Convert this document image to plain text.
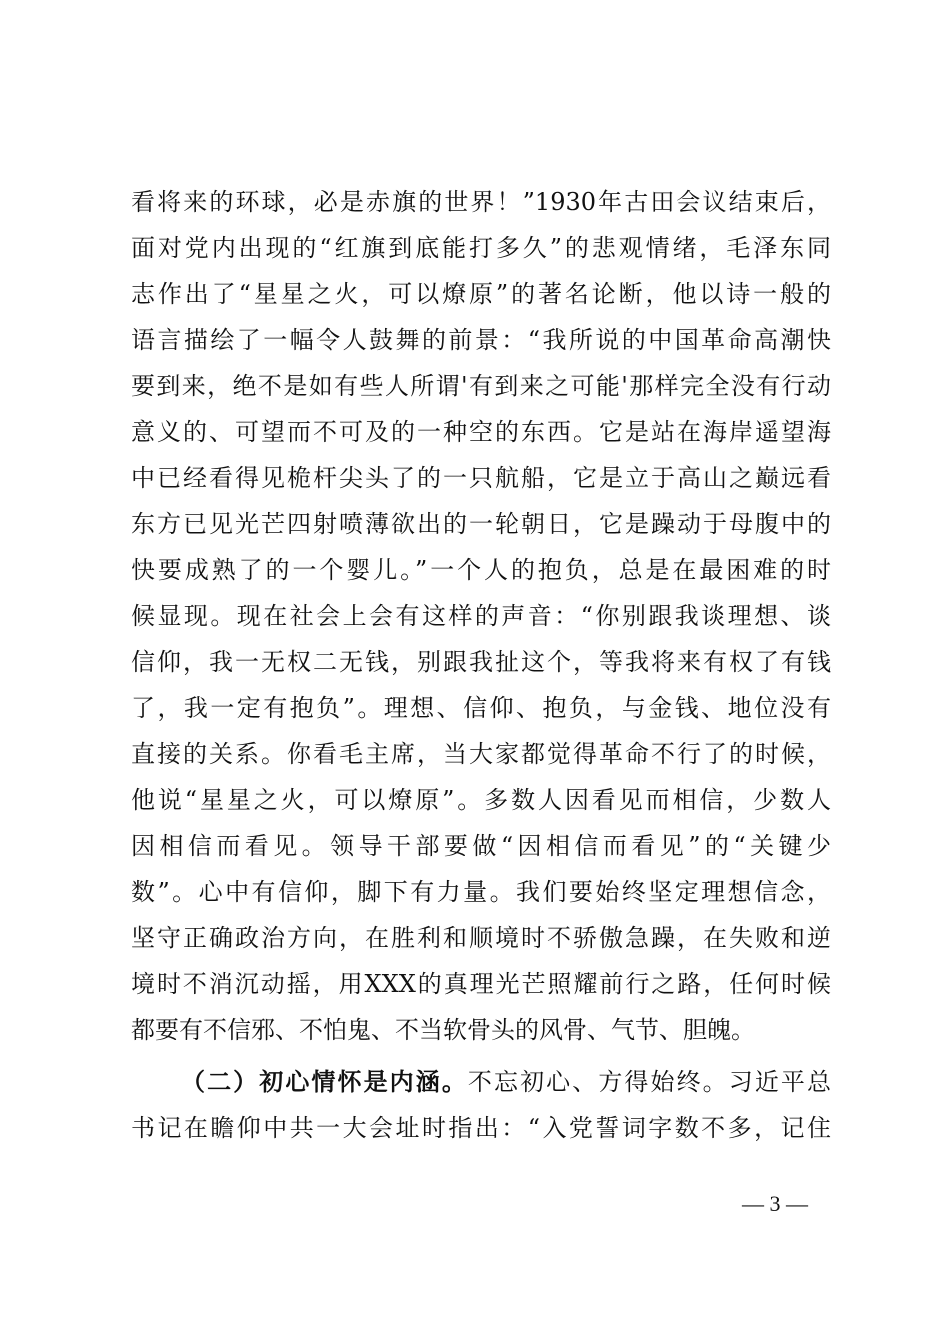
看将来的环球，必是赤旗的世界！”1930年古田会议结束后，
面对党内出现的“红旗到底能打多久”的悲观情绪，毛泽东同
志作出了“星星之火，可以燎原”的著名论断，他以诗一般的
语言描绘了一幅令人鼓舞的前景：“我所说的中国革命高潮快
要到来，绝不是如有些人所谓'有到来之可能'那样完全没有行动
意义的、可望而不可及的一种空的东西。它是站在海岸遥望海
中已经看得见桅杆尖头了的一只航船，它是立于高山之巅远看
东方已见光芒四射喷薄欲出的一轮朝日，它是躁动于母腹中的
快要成熟了的一个婴儿。”一个人的抱负，总是在最困难的时
候显现。现在社会上会有这样的声音：“你别跟我谈理想、谈
信仰，我一无权二无钱，别跟我扯这个，等我将来有权了有钱
了，我一定有抱负”。理想、信仰、抱负，与金钱、地位没有
直接的关系。你看毛主席，当大家都觉得革命不行了的时候，
他说“星星之火，可以燎原”。多数人因看见而相信，少数人
因相信而看见。领导干部要做“因相信而看见”的“关键少
数”。心中有信仰，脚下有力量。我们要始终坚定理想信念，
坚守正确政治方向，在胜利和顺境时不骄傲急躁，在失败和逆
境时不消沉动摇，用XXX的真理光芒照耀前行之路，任何时候
都要有不信邪、不怕鬼、不当软骨头的风骨、气节、胆魄。
（二）初心情怀是内涵。不忘初心、方得始终。习近平总
书记在瞻仰中共一大会址时指出：“入党誓词字数不多，记住
— 3 —
